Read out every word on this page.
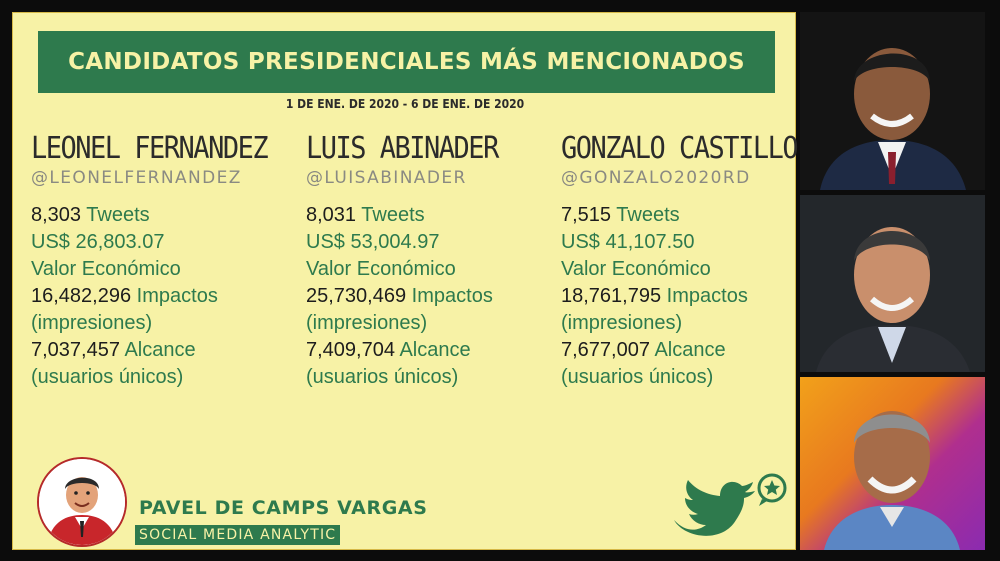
CANDIDATOS PRESIDENCIALES MÁS MENCIONADOS
1 DE ENE. DE 2020 - 6 DE ENE. DE 2020
LEONEL FERNANDEZ
@LEONELFERNANDEZ
8,303 Tweets
US$ 26,803.07
Valor Económico
16,482,296 Impactos
(impresiones)
7,037,457 Alcance
(usuarios únicos)
LUIS ABINADER
@LUISABINADER
8,031 Tweets
US$ 53,004.97
Valor Económico
25,730,469 Impactos
(impresiones)
7,409,704 Alcance
(usuarios únicos)
GONZALO CASTILLO
@GONZALO2020RD
7,515 Tweets
US$ 41,107.50
Valor Económico
18,761,795 Impactos
(impresiones)
7,677,007 Alcance
(usuarios únicos)
PAVEL DE CAMPS VARGAS
SOCIAL MEDIA ANALYTIC
